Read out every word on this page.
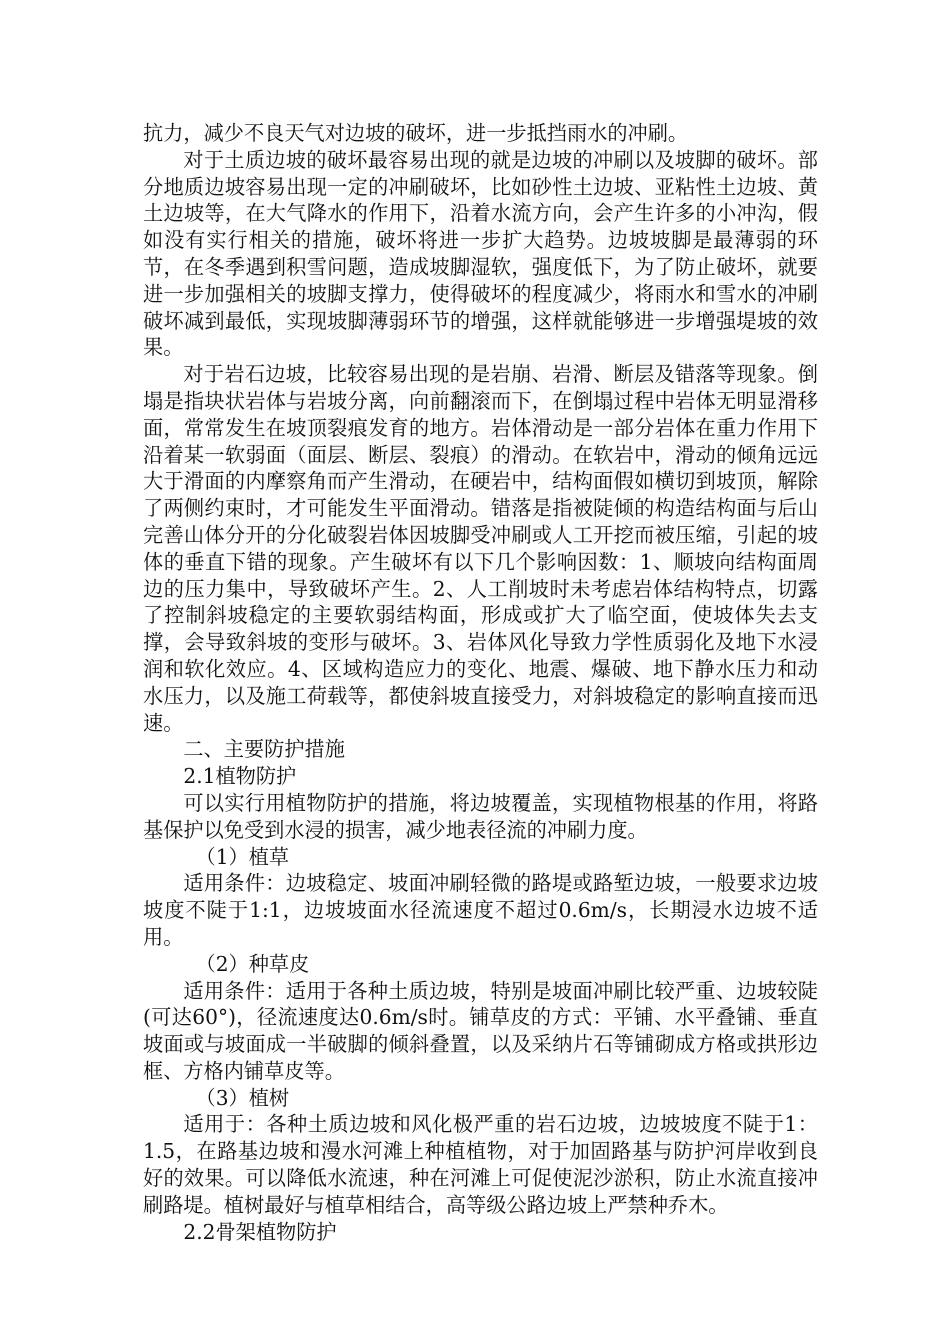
抗力，减少不良天气对边坡的破坏，进一步抵挡雨水的冲刷。

对于土质边坡的破坏最容易出现的就是边坡的冲刷以及坡脚的破坏。部分地质边坡容易出现一定的冲刷破坏，比如砂性土边坡、亚粘性土边坡、黄土边坡等，在大气降水的作用下，沿着水流方向，会产生许多的小冲沟，假如没有实行相关的措施，破坏将进一步扩大趋势。边坡坡脚是最薄弱的环节，在冬季遇到积雪问题，造成坡脚湿软，强度低下，为了防止破坏，就要进一步加强相关的坡脚支撑力，使得破坏的程度减少，将雨水和雪水的冲刷破坏减到最低，实现坡脚薄弱环节的增强，这样就能够进一步增强堤坡的效果。

对于岩石边坡，比较容易出现的是岩崩、岩滑、断层及错落等现象。倒塌是指块状岩体与岩坡分离，向前翻滚而下，在倒塌过程中岩体无明显滑移面，常常发生在坡顶裂痕发育的地方。岩体滑动是一部分岩体在重力作用下沿着某一软弱面（面层、断层、裂痕）的滑动。在软岩中，滑动的倾角远远大于滑面的内摩察角而产生滑动，在硬岩中，结构面假如横切到坡顶，解除了两侧约束时，才可能发生平面滑动。错落是指被陡倾的构造结构面与后山完善山体分开的分化破裂岩体因坡脚受冲刷或人工开挖而被压缩，引起的坡体的垂直下错的现象。产生破坏有以下几个影响因数：1、顺坡向结构面周边的压力集中，导致破坏产生。2、人工削坡时未考虑岩体结构特点，切露了控制斜坡稳定的主要软弱结构面，形成或扩大了临空面，使坡体失去支撑，会导致斜坡的变形与破坏。3、岩体风化导致力学性质弱化及地下水浸润和软化效应。4、区域构造应力的变化、地震、爆破、地下静水压力和动水压力，以及施工荷载等，都使斜坡直接受力，对斜坡稳定的影响直接而迅速。

二、主要防护措施

2.1植物防护

可以实行用植物防护的措施，将边坡覆盖，实现植物根基的作用，将路基保护以免受到水浸的损害，减少地表径流的冲刷力度。

（1）植草

适用条件：边坡稳定、坡面冲刷轻微的路堤或路堑边坡，一般要求边坡坡度不陡于1:1，边坡坡面水径流速度不超过0.6m/s，长期浸水边坡不适用。

（2）种草皮

适用条件：适用于各种土质边坡，特别是坡面冲刷比较严重、边坡较陡(可达60°)，径流速度达0.6m/s时。铺草皮的方式：平铺、水平叠铺、垂直坡面或与坡面成一半破脚的倾斜叠置，以及采纳片石等铺砌成方格或拱形边框、方格内铺草皮等。

（3）植树

适用于：各种土质边坡和风化极严重的岩石边坡，边坡坡度不陡于1：1.5，在路基边坡和漫水河滩上种植植物，对于加固路基与防护河岸收到良好的效果。可以降低水流速，种在河滩上可促使泥沙淤积，防止水流直接冲刷路堤。植树最好与植草相结合，高等级公路边坡上严禁种乔木。

2.2骨架植物防护
